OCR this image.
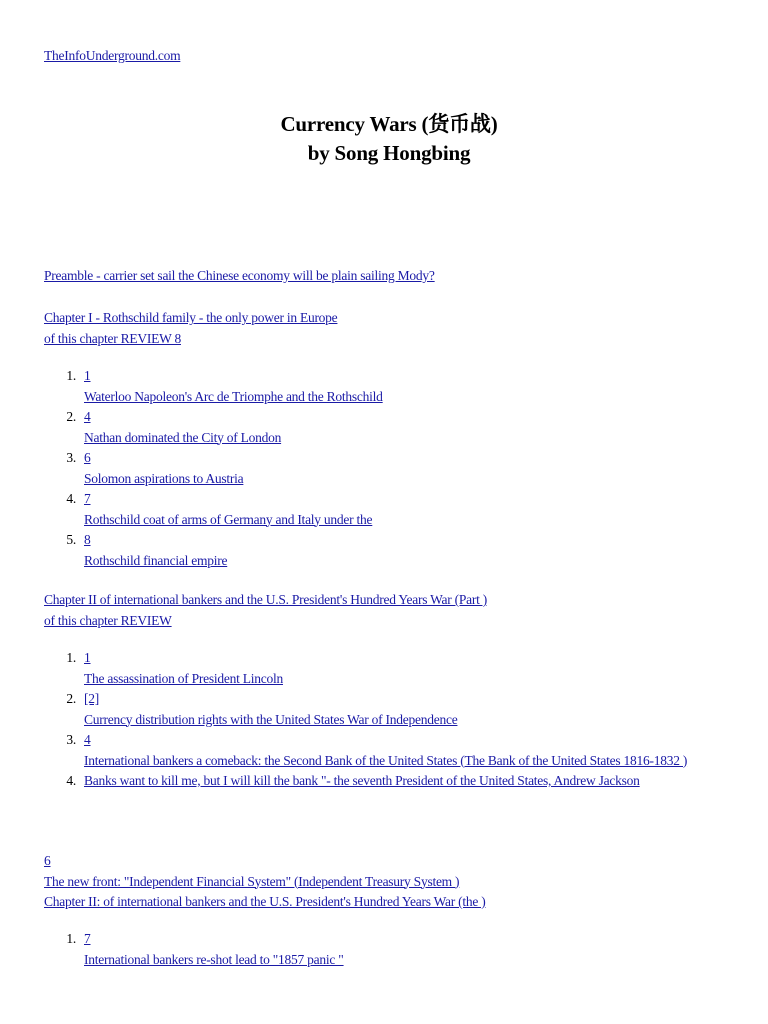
TheInfoUnderground.com
Currency Wars (货币战)
by Song Hongbing
Preamble - carrier set sail the Chinese economy will be plain sailing Mody?
Chapter I - Rothschild family - the only power in Europe
of this chapter REVIEW 8
1. 1
Waterloo Napoleon's Arc de Triomphe and the Rothschild
2. 4
Nathan dominated the City of London
3. 6
Solomon aspirations to Austria
4. 7
Rothschild coat of arms of Germany and Italy under the
5. 8
Rothschild financial empire
Chapter II of international bankers and the U.S. President's Hundred Years War (Part )
of this chapter REVIEW
1. 1
The assassination of President Lincoln
2. [2]
Currency distribution rights with the United States War of Independence
3. 4

International bankers a comeback: the Second Bank of the United States (The Bank of the United States 1816-1832 )
4. Banks want to kill me, but I will kill the bank "- the seventh President of the United States, Andrew Jackson
6
The new front: "Independent Financial System" (Independent Treasury System )
Chapter II: of international bankers and the U.S. President's Hundred Years War (the )
1. 7
International bankers re-shot lead to "1857 panic "
